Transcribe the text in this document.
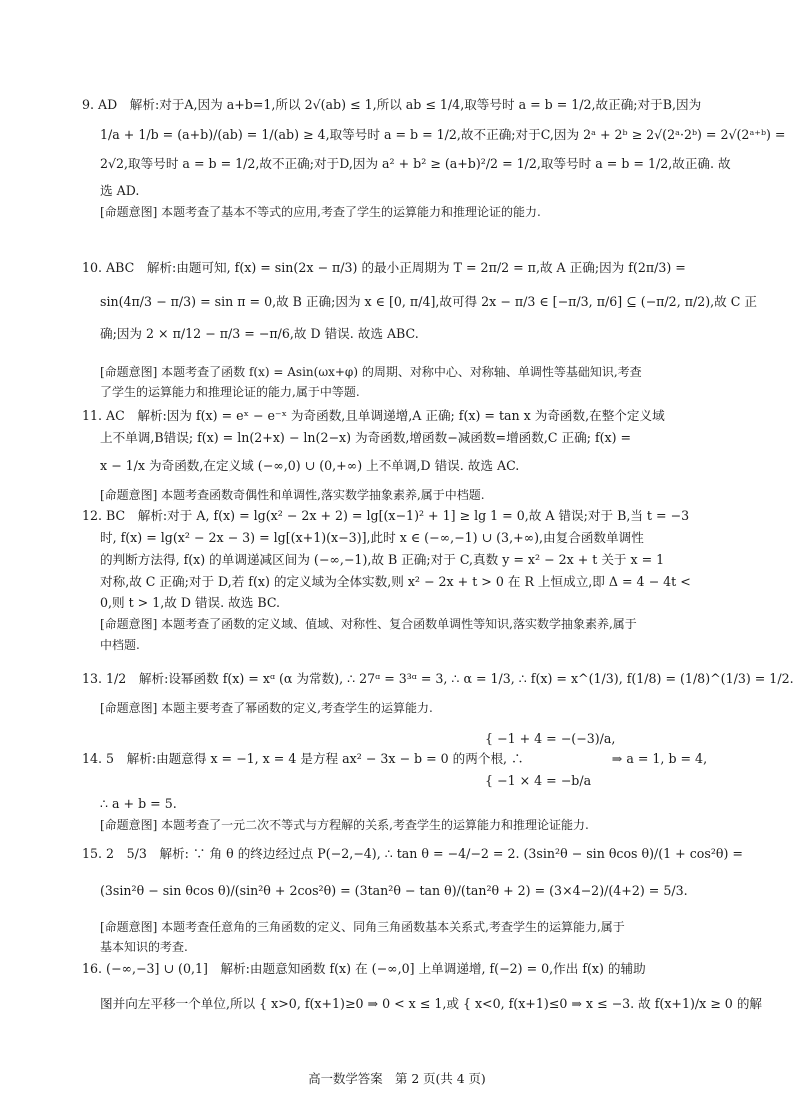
9. AD　解析:对于A,因为 a+b=1,所以 2√(ab) ≤ 1,所以 ab ≤ 1/4,取等号时 a = b = 1/2,故正确;对于B,因为
1/a + 1/b = (a+b)/(ab) = 1/(ab) ≥ 4,取等号时 a = b = 1/2,故不正确;对于C,因为 2ᵃ + 2ᵇ ≥ 2√(2ᵃ·2ᵇ) = 2√(2ᵃ⁺ᵇ) =
2√2,取等号时 a = b = 1/2,故不正确;对于D,因为 a² + b² ≥ (a+b)²/2 = 1/2,取等号时 a = b = 1/2,故正确. 故
选 AD.
[命题意图] 本题考查了基本不等式的应用,考查了学生的运算能力和推理论证的能力.
10. ABC　解析:由题可知, f(x) = sin(2x − π/3) 的最小正周期为 T = 2π/2 = π,故 A 正确;因为 f(2π/3) =
sin(4π/3 − π/3) = sin π = 0,故 B 正确;因为 x ∈ [0, π/4],故可得 2x − π/3 ∈ [−π/3, π/6] ⊆ (−π/2, π/2),故 C 正
确;因为 2 × π/12 − π/3 = −π/6,故 D 错误. 故选 ABC.
[命题意图] 本题考查了函数 f(x) = Asin(ωx+φ) 的周期、对称中心、对称轴、单调性等基础知识,考查
了学生的运算能力和推理论证的能力,属于中等题.
11. AC　解析:因为 f(x) = eˣ − e⁻ˣ 为奇函数,且单调递增,A 正确; f(x) = tan x 为奇函数,在整个定义域
上不单调,B错误; f(x) = ln(2+x) − ln(2−x) 为奇函数,增函数−减函数=增函数,C 正确; f(x) =
x − 1/x 为奇函数,在定义域 (−∞,0) ∪ (0,+∞) 上不单调,D 错误. 故选 AC.
[命题意图] 本题考查函数奇偶性和单调性,落实数学抽象素养,属于中档题.
12. BC　解析:对于 A, f(x) = lg(x² − 2x + 2) = lg[(x−1)² + 1] ≥ lg 1 = 0,故 A 错误;对于 B,当 t = −3
时, f(x) = lg(x² − 2x − 3) = lg[(x+1)(x−3)],此时 x ∈ (−∞,−1) ∪ (3,+∞),由复合函数单调性
的判断方法得, f(x) 的单调递减区间为 (−∞,−1),故 B 正确;对于 C,真数 y = x² − 2x + t 关于 x = 1
对称,故 C 正确;对于 D,若 f(x) 的定义域为全体实数,则 x² − 2x + t > 0 在 R 上恒成立,即 Δ = 4 − 4t <
0,则 t > 1,故 D 错误. 故选 BC.
[命题意图] 本题考查了函数的定义域、值域、对称性、复合函数单调性等知识,落实数学抽象素养,属于
中档题.
13. 1/2　解析:设幂函数 f(x) = xᵅ (α 为常数), ∴ 27ᵅ = 3³ᵅ = 3, ∴ α = 1/3, ∴ f(x) = x^(1/3), f(1/8) = (1/8)^(1/3) = 1/2.
[命题意图] 本题主要考查了幂函数的定义,考查学生的运算能力.
　　　　　　　　　　　　　　　　　　　　　　　　　　　　　　　　{ −1 + 4 = −(−3)/a,
14. 5　解析:由题意得 x = −1, x = 4 是方程 ax² − 3x − b = 0 的两个根, ∴　　　　　　　⇒ a = 1, b = 4,
　　　　　　　　　　　　　　　　　　　　　　　　　　　　　　　　{ −1 × 4 = −b/a
∴ a + b = 5.
[命题意图] 本题考查了一元二次不等式与方程解的关系,考查学生的运算能力和推理论证能力.
15. 2　5/3　解析: ∵ 角 θ 的终边经过点 P(−2,−4), ∴ tan θ = −4/−2 = 2. (3sin²θ − sin θcos θ)/(1 + cos²θ) =
(3sin²θ − sin θcos θ)/(sin²θ + 2cos²θ) = (3tan²θ − tan θ)/(tan²θ + 2) = (3×4−2)/(4+2) = 5/3.
[命题意图] 本题考查任意角的三角函数的定义、同角三角函数基本关系式,考查学生的运算能力,属于
基本知识的考查.
16. (−∞,−3] ∪ (0,1]　解析:由题意知函数 f(x) 在 (−∞,0] 上单调递增, f(−2) = 0,作出 f(x) 的辅助
图并向左平移一个单位,所以 { x>0, f(x+1)≥0 ⇒ 0 < x ≤ 1,或 { x<0, f(x+1)≤0 ⇒ x ≤ −3. 故 f(x+1)/x ≥ 0 的解
高一数学答案　第 2 页(共 4 页)
